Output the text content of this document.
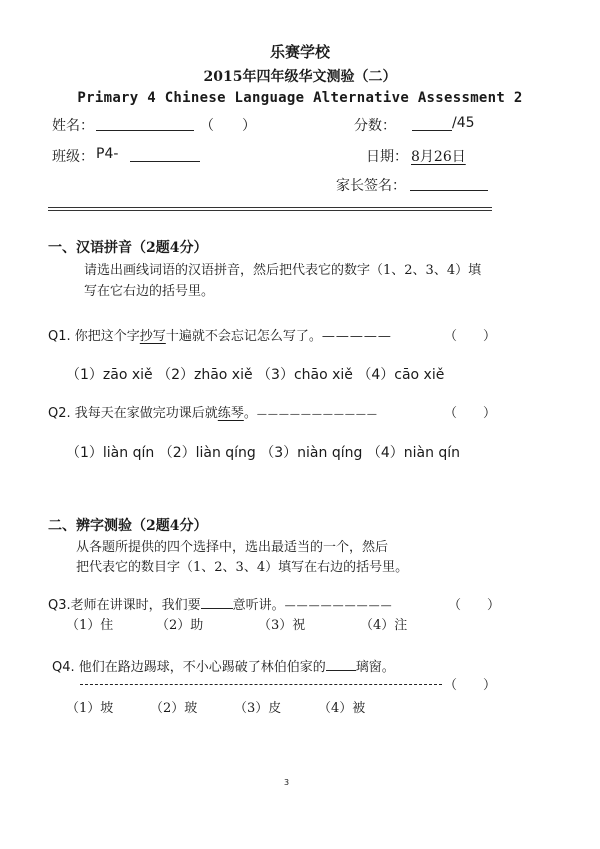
乐赛学校
2015年四年级华文测验（二）
Primary 4 Chinese Language Alternative Assessment 2
姓名：	（　　）	分数：	/45
班级： P4-	日期： 8月26日
家长签名：
一、汉语拼音（2题4分）
请选出画线词语的汉语拼音，然后把代表它的数字（1、2、3、4）填
写在它右边的括号里。
Q1. 你把这个字抄写十遍就不会忘记怎么写了。—————	（　　）
（1）zāo xiě （2）zhāo xiě （3）chāo xiě （4）cāo xiě
Q2. 我每天在家做完功课后就练琴。———————————	（　　）
（1）liàn qín （2）liàn qíng （3）niàn qíng （4）niàn qín
二、辨字测验（2题4分）
从各题所提供的四个选择中，选出最适当的一个，然后
把代表它的数目字（1、2、3、4）填写在右边的括号里。
Q3.老师在讲课时，我们要 意听讲。—————————	（　　）
（1）住	（2）助	（3）祝	（4）注
Q4. 他们在路边踢球，不小心踢破了林伯伯家的 璃窗。
（　　）
（1）坡	（2）玻	（3）皮	（4）被
3
